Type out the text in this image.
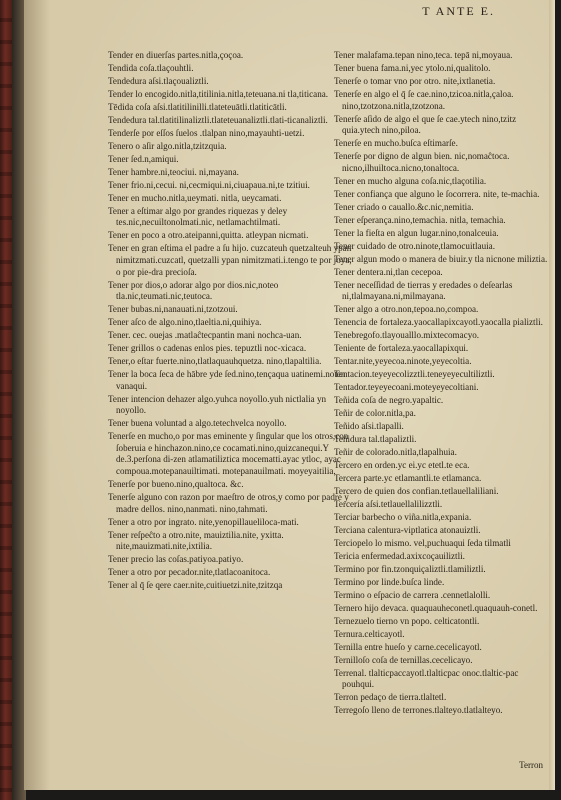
T ANTE E.
Tender en diuerſas partes.nitla,çoçoa.
Tendida coſa.tlaçouhtli.
Tendedura aſsi.tlaçoualiztli.
Tender lo encogido.nitla,titilinia.nitla,teteuana.ni tla,titicana.
Tēdida coſa aſsi.tlatitilinilli.tlateteuātli.tlatiticātli.
Tendedura tal.tlatitilinaliztli.tlateteuanaliztli.tlati-ticanaliztli.
Tenderſe por eſſos ſuelos .tlalpan nino,mayauhti-uetzi.
Tenero o aſir algo.nitla,tzitzquia.
Tener ſed.n,amiqui.
Tener hambre.ni,teociui. ni,mayana.
Tener frio.ni,cecui. ni,cecmiqui.ni,ciuapaua.ni,te tzitiui.
Tener en mucho.nitla,ueymati. nitla, ueycamati.
Tener a eſtimar algo por grandes riquezas y deley tes.nic,necuiltonolmati.nic, netlamachtilmati.
Tener en poco a otro.ateipanni,quitta. atleypan nicmati.
Tener en gran eſtima el padre a ſu hijo. cuzcateuh quetzalteuh ypan nimitzmati.cuzcatl, quetzalli ypan nimitzmati.i.tengo te por joya, o por pie-dra precioſa.
Tener por dios,o adorar algo por dios.nic,noteo tla.nic,teumati.nic,teutoca.
Tener bubas.ni,nanauati.ni,tzotzoui.
Tener aſco de algo.nino,tlaeltia.ni,quihiya.
Tener. cec. ouejas .matlaĉtecpantin mani nochca-uan.
Tener grillos o cadenas enlos pies. tepuztli noc-xicaca.
Tener,o eſtar fuerte.nino,tlatlaquauhquetza. nino,tlapaltilia.
Tener la boca ſeca de hābre yde ſed.nino,tençaqua uatinemi.noten vanaqui.
Tener intencion dehazer algo.yuhca noyollo.yuh nictlalia yn noyollo.
Tener buena voluntad a algo.tetechvelca noyollo.
Tenerſe en mucho,o por mas eminente y ſingular que los otros,con ſoberuia e hinchazon.nino,ce cocamati.nino,quizcanequi.Y de.3.perſona di-zen atlamatiliztica mocematti.ayac ytloc, ayac compoua.motepanauiltimati. motepanauilmati. moyeyaitilia.
Tenerſe por bueno.nino,qualtoca. &c.
Tenerſe alguno con razon por maeſtro de otros,y como por padre y madre dellos. nino,nanmati. nino,tahmati.
Tener a otro por ingrato. nite,yenopillaueliloca-mati.
Tener reſpeĉto a otro.nite, mauiztilia.nite, yxitta. nite,mauizmati.nite,ixtilia.
Tener precio las coſas.patiyoa.patiyo.
Tener a otro por pecador.nite,tlatlacoanitoca.
Tener al q̄ ſe qere caer.nite,cuitiuetzi.nite,tzitzqa
Tener malafama.tepan nino,teca. tepā ni,moyaua.
Tener buena fama.ni,yec ytolo.ni,qualitolo.
Tenerſe o tomar vno por otro. nite,ixtlanetia.
Tenerſe en algo el q̄ ſe cae.nino,tzicoa.nitla,çaloa. nino,tzotzona.nitla,tzotzona.
Tenerſe aſido de algo el que ſe cae.ytech nino,tzitz quia.ytech nino,piloa.
Tenerſe en mucho.buſca eſtimarſe.
Tenerſe por digno de algun bien. nic,nomaĉtoca. nicno,ilhuiltoca.nicno,tonaltoca.
Tener en mucho alguna coſa.nic,tlaçotilia.
Tener confiança que alguno le ſocorrera. nite, te-machia.
Tener criado o cauallo.&c.nic,nemitia.
Tener eſperança.nino,temachia. nitla, temachia.
Tener la fieſta en algun lugar.nino,tonalceuia.
Tener cuidado de otro.ninote,tlamocuitlauia.
Tener algun modo o manera de biuir.y tla nicnone miliztia.
Tener dentera.ni,tlan cecepoa.
Tener neceſſidad de tierras y eredades o deſearlas ni,tlalmayana.ni,milmayana.
Tener algo a otro.non,tepoa.no,compoa.
Tenencia de fortaleza.yaocallapixcayotl.yaocalla pializtli.
Tenebregofo.tlayoualllo.mixtecomacyo.
Teniente de fortaleza.yaocallapixqui.
Tentar.nite,yeyecoa.ninote,yeyecoltia.
Tentacion.teyeyecolizztli.teneyeyecultiliztli.
Tentador.teyeyecoani.moteyeyecoltiani.
Teñida coſa de negro.yapaltic.
Teñir de color.nitla,pa.
Teñido aſsi.tlapalli.
Teñidura tal.tlapaliztli.
Teñir de colorado.nitla,tlapalhuia.
Tercero en orden.yc ei.yc etetl.te eca.
Tercera parte.yc etlamantli.te etlamanca.
Tercero de quien dos confian.tetlauellaliliani.
Tercería aſsi.tetlauellalilizztli.
Terciar barbecho o viña.nitla,expania.
Terciana calentura-viptlatica atonauiztli.
Terciopelo lo mismo. vel,puchuaqui ſeda tilmatli
Tericia enfermedad.axixcoçauiliztli.
Termino por fin.tzonquiçaliztli.tlamiliztli.
Termino por linde.buſca linde.
Termino o eſpacio de carrera .cennetlalolli.
Ternero hijo devaca. quaquauheconetl.quaquauh-conetl.
Ternezuelo tierno vn popo. celticatontli.
Ternura.celticayotl.
Ternilla entre hueſo y carne.cecelicayotl.
Ternilloſo coſa de ternillas.cecelicayo.
Terrenal. tlalticpaccayotl.tlalticpac onoc.tlaltic-pac pouhqui.
Terron pedaço de tierra.tlaltetl.
Terregoſo lleno de terrones.tlalteyo.tlatlalteyo.
Terron
